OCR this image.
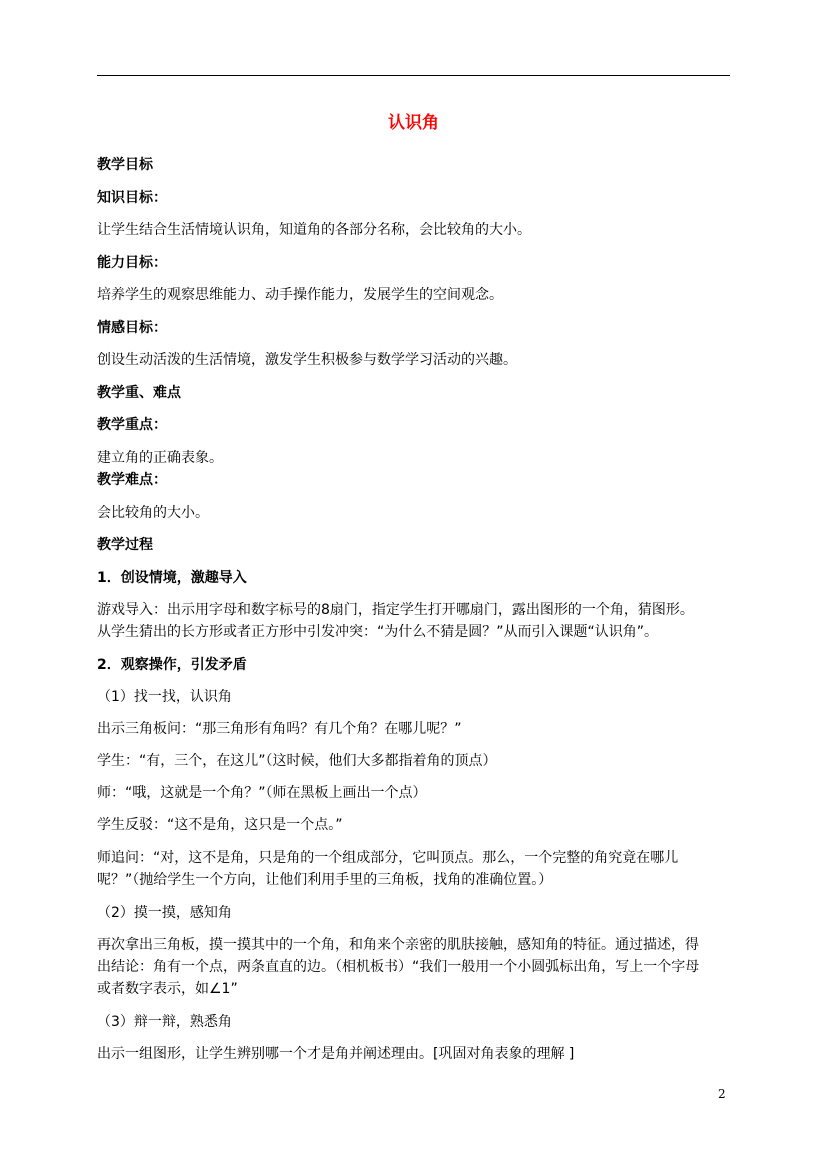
认识角
教学目标
知识目标：
让学生结合生活情境认识角，知道角的各部分名称，会比较角的大小。
能力目标：
培养学生的观察思维能力、动手操作能力，发展学生的空间观念。
情感目标：
创设生动活泼的生活情境，激发学生积极参与数学学习活动的兴趣。
教学重、难点
教学重点：
建立角的正确表象。
教学难点：
会比较角的大小。
教学过程
1．创设情境，激趣导入
游戏导入：出示用字母和数字标号的8扇门，指定学生打开哪扇门，露出图形的一个角，猜图形。
从学生猜出的长方形或者正方形中引发冲突：“为什么不猜是圆？”从而引入课题“认识角”。
2．观察操作，引发矛盾
（1）找一找，认识角
出示三角板问：“那三角形有角吗？有几个角？在哪儿呢？”
学生：“有，三个，在这儿”（这时候，他们大多都指着角的顶点）
师：“哦，这就是一个角？”（师在黑板上画出一个点）
学生反驳：“这不是角，这只是一个点。”
师追问：“对，这不是角，只是角的一个组成部分，它叫顶点。那么，一个完整的角究竟在哪儿
呢？”（抛给学生一个方向，让他们利用手里的三角板，找角的准确位置。）
（2）摸一摸，感知角
再次拿出三角板，摸一摸其中的一个角，和角来个亲密的肌肤接触，感知角的特征。通过描述，得
出结论：角有一个点，两条直直的边。（相机板书）“我们一般用一个小圆弧标出角，写上一个字母
或者数字表示，如∠1”
（3）辩一辩，熟悉角
出示一组图形，让学生辨别哪一个才是角并阐述理由。[巩固对角表象的理解 ]
2
